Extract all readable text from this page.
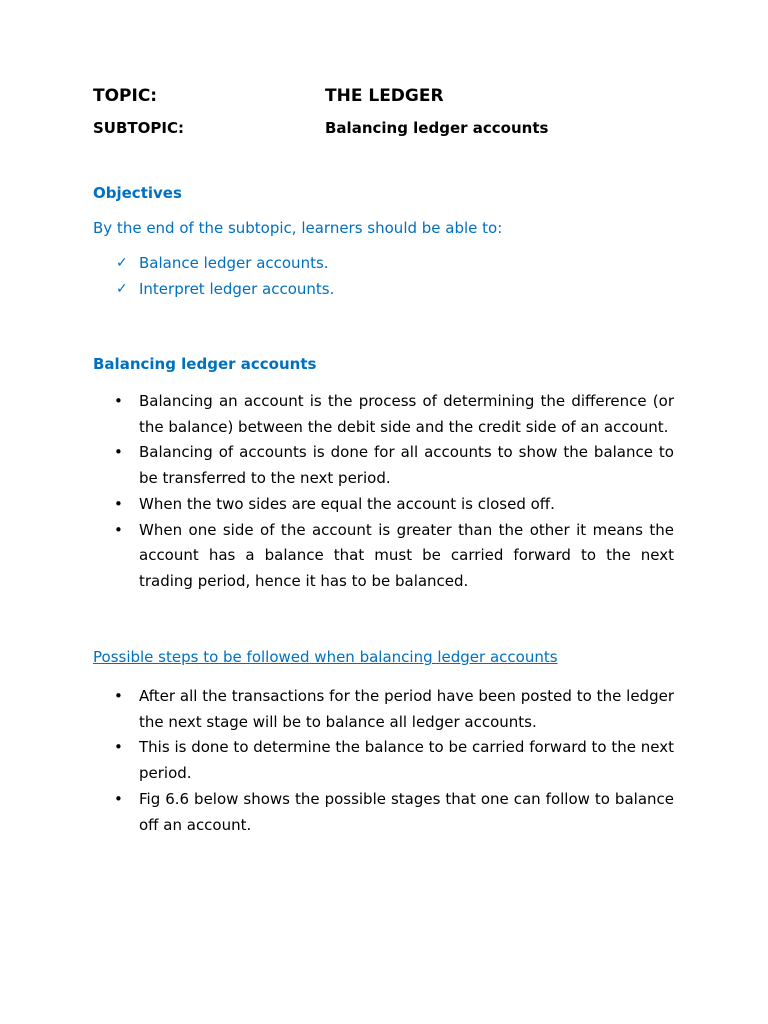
TOPIC:	THE LEDGER
SUBTOPIC:	Balancing ledger accounts
Objectives
By the end of the subtopic, learners should be able to:
✓ Balance ledger accounts.
✓ Interpret ledger accounts.
Balancing ledger accounts
• Balancing an account is the process of determining the difference (or the balance) between the debit side and the credit side of an account.
• Balancing of accounts is done for all accounts to show the balance to be transferred to the next period.
• When the two sides are equal the account is closed off.
• When one side of the account is greater than the other it means the account has a balance that must be carried forward to the next trading period, hence it has to be balanced.
Possible steps to be followed when balancing ledger accounts
• After all the transactions for the period have been posted to the ledger the next stage will be to balance all ledger accounts.
• This is done to determine the balance to be carried forward to the next period.
• Fig 6.6 below shows the possible stages that one can follow to balance off an account.
